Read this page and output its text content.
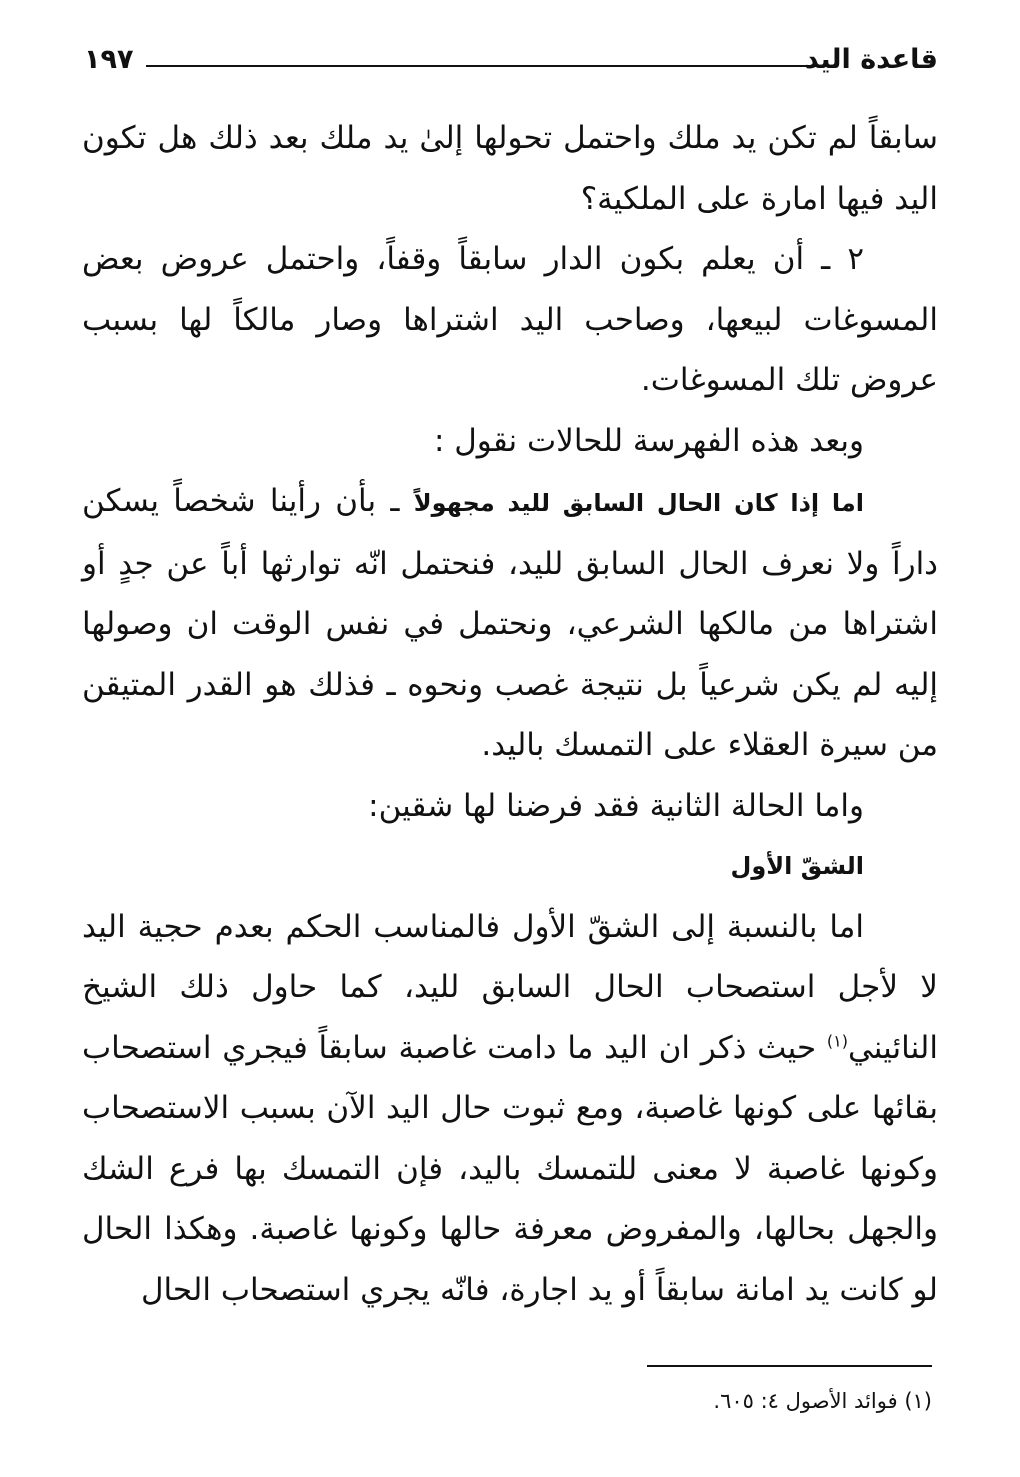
قاعدة اليد
١٩٧

سابقاً لم تكن يد ملك واحتمل تحولها إلىٰ يد ملك بعد ذلك هل تكون اليد فيها امارة على الملكية؟

٢ ـ أن يعلم بكون الدار سابقاً وقفاً، واحتمل عروض بعض المسوغات لبيعها، وصاحب اليد اشتراها وصار مالكاً لها بسبب عروض تلك المسوغات.

وبعد هذه الفهرسة للحالات نقول :

اما إذا كان الحال السابق لليد مجهولاً ـ بأن رأينا شخصاً يسكن داراً ولا نعرف الحال السابق لليد، فنحتمل انّه توارثها أباً عن جدٍ أو اشتراها من مالكها الشرعي، ونحتمل في نفس الوقت ان وصولها إليه لم يكن شرعياً بل نتيجة غصب ونحوه ـ فذلك هو القدر المتيقن من سيرة العقلاء على التمسك باليد.

واما الحالة الثانية فقد فرضنا لها شقين:

الشقّ الأول

اما بالنسبة إلى الشقّ الأول فالمناسب الحكم بعدم حجية اليد لا لأجل استصحاب الحال السابق لليد، كما حاول ذلك الشيخ النائيني$^{(١)}$ حيث ذكر ان اليد ما دامت غاصبة سابقاً فيجري استصحاب بقائها على كونها غاصبة، ومع ثبوت حال اليد الآن بسبب الاستصحاب وكونها غاصبة لا معنى للتمسك باليد، فإن التمسك بها فرع الشك والجهل بحالها، والمفروض معرفة حالها وكونها غاصبة. وهكذا الحال لو كانت يد امانة سابقاً أو يد اجارة، فانّه يجري استصحاب الحال

(١) فوائد الأصول ٤: ٦٠٥.
